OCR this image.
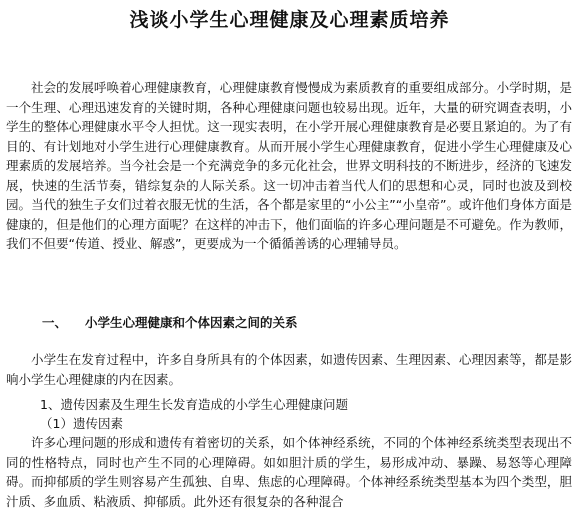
浅谈小学生心理健康及心理素质培养

社会的发展呼唤着心理健康教育，心理健康教育慢慢成为素质教育的重要组成部分。小学时期，是一个生理、心理迅速发育的关键时期，各种心理健康问题也较易出现。近年，大量的研究调查表明，小学生的整体心理健康水平令人担忧。这一现实表明，在小学开展心理健康教育是必要且紧迫的。为了有目的、有计划地对小学生进行心理健康教育。从而开展小学生心理健康教育，促进小学生心理健康及心理素质的发展培养。当今社会是一个充满竞争的多元化社会，世界文明科技的不断进步，经济的飞速发展，快速的生活节奏，错综复杂的人际关系。这一切冲击着当代人们的思想和心灵，同时也波及到校园。当代的独生子女们过着衣服无忧的生活，各个都是家里的“小公主”“小皇帝”。或许他们身体方面是健康的，但是他们的心理方面呢？在这样的冲击下，他们面临的许多心理问题是不可避免。作为教师，我们不但要“传道、授业、解惑”，更要成为一个循循善诱的心理辅导员。

一、 小学生心理健康和个体因素之间的关系

小学生在发育过程中，许多自身所具有的个体因素，如遗传因素、生理因素、心理因素等，都是影响小学生心理健康的内在因素。

1、遗传因素及生理生长发育造成的小学生心理健康问题
（1）遗传因素

许多心理问题的形成和遗传有着密切的关系，如个体神经系统，不同的个体神经系统类型表现出不同的性格特点，同时也产生不同的心理障碍。如如胆汁质的学生，易形成冲动、暴躁、易怒等心理障碍。而抑郁质的学生则容易产生孤独、自卑、焦虑的心理障碍。个体神经系统类型基本为四个类型，胆汁质、多血质、粘液质、抑郁质。此外还有很复杂的各种混合
